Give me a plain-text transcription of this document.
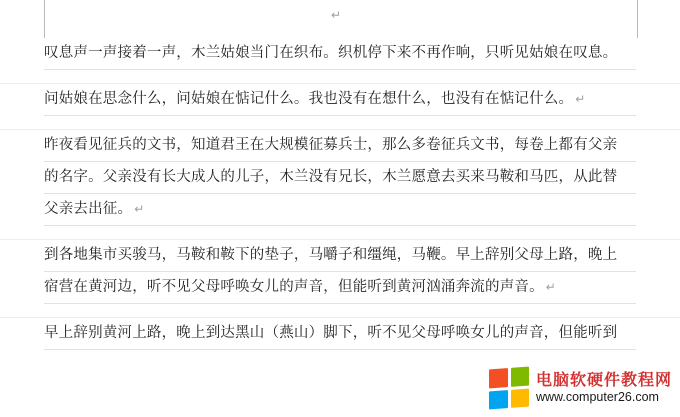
↵
叹息声一声接着一声，木兰姑娘当门在织布。织机停下来不再作响，只听见姑娘在叹息。
问姑娘在思念什么，问姑娘在惦记什么。我也没有在想什么，也没有在惦记什么。 ↵
昨夜看见征兵的文书，知道君王在大规模征募兵士，那么多卷征兵文书，每卷上都有父亲
的名字。父亲没有长大成人的儿子，木兰没有兄长，木兰愿意去买来马鞍和马匹，从此替
父亲去出征。 ↵
到各地集市买骏马，马鞍和鞍下的垫子，马嚼子和缰绳，马鞭。早上辞别父母上路，晚上
宿营在黄河边，听不见父母呼唤女儿的声音，但能听到黄河汹涌奔流的声音。 ↵
早上辞别黄河上路，晚上到达黑山（燕山）脚下，听不见父母呼唤女儿的声音，但能听到
电脑软硬件教程网
www.computer26.com
